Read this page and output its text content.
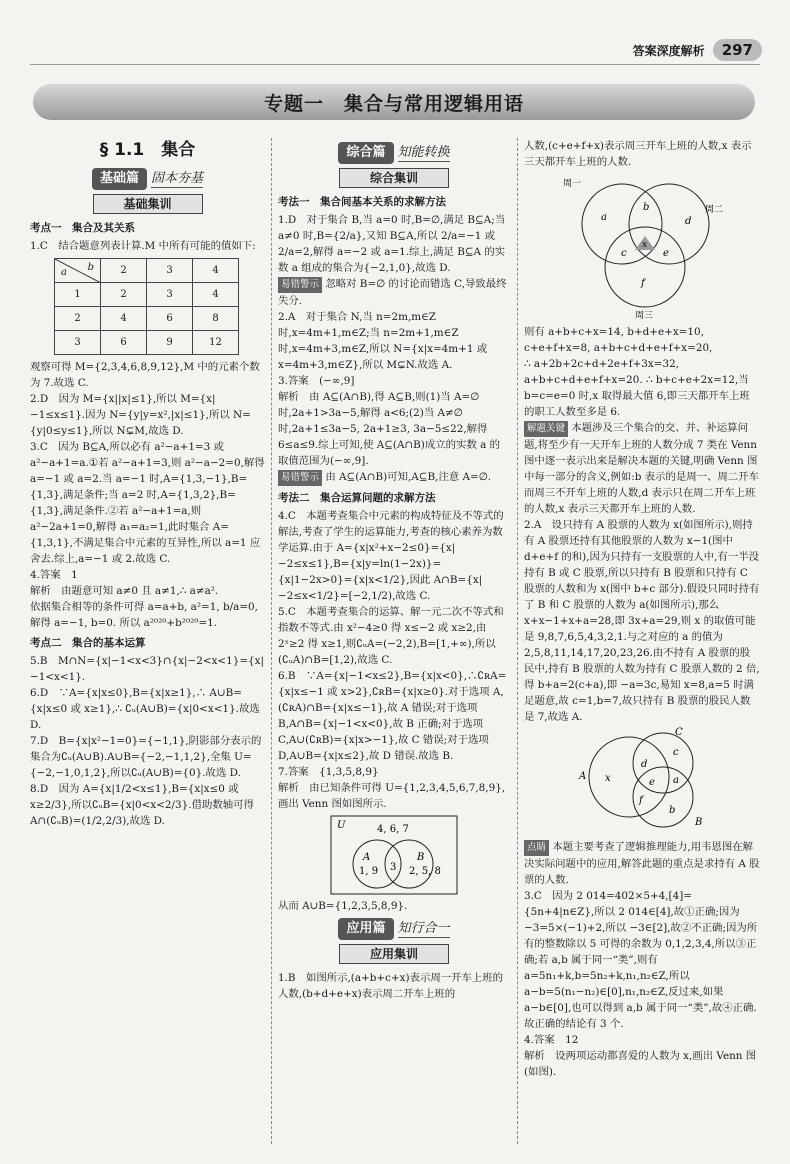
答案深度解析	297
专题一　集合与常用逻辑用语
§ 1.1　集合
基础篇 固本夯基
基础集训
考点一　集合及其关系

1.C　结合题意列表计算.M 中所有可能的值如下:

b
a	2	3	4
1	2	3	4
2	4	6	8
3	6	9	12

观察可得 M={2,3,4,6,8,9,12},M 中的元素个数为 7.故选 C.

2.D　因为 M={x||x|≤1},所以 M={x|−1≤x≤1}.因为 N={y|y=x²,|x|≤1},所以 N={y|0≤y≤1},所以 N⊊M,故选 D.

3.C　因为 B⊆A,所以必有 a²−a+1=3 或 a²−a+1=a.①若 a²−a+1=3,则 a²−a−2=0,解得 a=−1 或 a=2.当 a=−1 时,A={1,3,−1},B={1,3},满足条件;当 a=2 时,A={1,3,2},B={1,3},满足条件.②若 a²−a+1=a,则 a²−2a+1=0,解得 a₁=a₂=1,此时集合 A={1,3,1},不满足集合中元素的互异性,所以 a=1 应舍去.综上,a=−1 或 2.故选 C.

4.答案　1

解析　由题意可知 a≠0 且 a≠1,∴ a≠a².

依据集合相等的条件可得 a=a+b, a²=1, b/a=0,

解得 a=−1, b=0. 所以 a²⁰²⁰+b²⁰²⁰=1.

考点二　集合的基本运算

5.B　M∩N={x|−1<x<3}∩{x|−2<x<1}={x|−1<x<1}.

6.D　∵A={x|x≤0},B={x|x≥1},∴ A∪B={x|x≤0 或 x≥1},∴ ∁ᵤ(A∪B)={x|0<x<1}.故选 D.

7.D　B={x|x²−1=0}={−1,1},阴影部分表示的集合为∁ᵤ(A∪B).A∪B={−2,−1,1,2},全集 U={−2,−1,0,1,2},所以∁ᵤ(A∪B)={0}.故选 D.

8.D　因为 A={x|1/2<x≤1},B={x|x≤0 或 x≥2/3},所以∁ᵤB={x|0<x<2/3}.借助数轴可得 A∩(∁ᵤB)=(1/2,2/3),故选 D.

综合篇 知能转换
综合集训
考法一　集合间基本关系的求解方法

1.D　对于集合 B,当 a=0 时,B=∅,满足 B⊆A;当 a≠0 时,B={2/a},又知 B⊆A,所以 2/a=−1 或 2/a=2,解得 a=−2 或 a=1.综上,满足 B⊆A 的实数 a 组成的集合为{−2,1,0},故选 D.

易错警示 忽略对 B=∅ 的讨论而错选 C,导致最终失分.

2.A　对于集合 N,当 n=2m,m∈Z 时,x=4m+1,m∈Z;当 n=2m+1,m∈Z 时,x=4m+3,m∈Z,所以 N={x|x=4m+1 或 x=4m+3,m∈Z},所以 M⊊N.故选 A.

3.答案　(−∞,9]

解析　由 A⊆(A∩B),得 A⊆B,则(1)当 A=∅ 时,2a+1>3a−5,解得 a<6;(2)当 A≠∅ 时,2a+1≤3a−5, 2a+1≥3, 3a−5≤22,解得 6≤a≤9.综上可知,使 A⊆(A∩B)成立的实数 a 的取值范围为(−∞,9].

易错警示 由 A⊆(A∩B)可知,A⊆B,注意 A=∅.

考法二　集合运算问题的求解方法

4.C　本题考查集合中元素的构成特征及不等式的解法,考查了学生的运算能力,考查的核心素养为数学运算.由于 A={x|x²+x−2≤0}={x|−2≤x≤1},B={x|y=ln(1−2x)}={x|1−2x>0}={x|x<1/2},因此 A∩B={x|−2≤x<1/2}=[−2,1/2),故选 C.

5.C　本题考查集合的运算、解一元二次不等式和指数不等式.由 x²−4≥0 得 x≤−2 或 x≥2,由 2ˣ≥2 得 x≥1,则∁ᵤA=(−2,2),B=[1,+∞),所以(∁ᵤA)∩B=[1,2),故选 C.

6.B　∵A={x|−1<x≤2},B={x|x<0},∴∁ʀA={x|x≤−1 或 x>2},∁ʀB={x|x≥0}.对于选项 A,(∁ʀA)∩B={x|x≤−1},故 A 错误;对于选项 B,A∩B={x|−1<x<0},故 B 正确;对于选项 C,A∪(∁ʀB)={x|x>−1},故 C 错误;对于选项 D,A∪B={x|x≤2},故 D 错误.故选 B.

7.答案　{1,3,5,8,9}

解析　由已知条件可得 U={1,2,3,4,5,6,7,8,9},画出 Venn 图如图所示.

U	4, 6, 7
A	B
1, 9 3 2, 5, 8

从而 A∪B={1,2,3,5,8,9}.

应用篇 知行合一
应用集训

1.B　如图所示,(a+b+c+x)表示周一开车上班的人数,(b+d+e+x)表示周二开车上班的

人数,(c+e+f+x)表示周三开车上班的人数,x 表示三天都开车上班的人数.

周一
周二
周三
a
b
d
c
x
e
f

则有 a+b+c+x=14, b+d+e+x=10, c+e+f+x=8, a+b+c+d+e+f+x=20,

∴ a+2b+2c+d+2e+f+3x=32, a+b+c+d+e+f+x=20. ∴ b+c+e+2x=12,当 b=c=e=0 时,x 取得最大值 6,即三天都开车上班的职工人数至多是 6.

解题关键 本题涉及三个集合的交、并、补运算问题,将至少有一天开车上班的人数分成 7 类在 Venn 图中逐一表示出来是解决本题的关键,明确 Venn 图中每一部分的含义,例如:b 表示的是周一、周二开车而周三不开车上班的人数,d 表示只在周二开车上班的人数,x 表示三天都开车上班的人数.

2.A　设只持有 A 股票的人数为 x(如图所示),则持有 A 股票还持有其他股票的人数为 x−1(图中 d+e+f 的和),因为只持有一支股票的人中,有一半没持有 B 或 C 股票,所以只持有 B 股票和只持有 C 股票的人数和为 x(图中 b+c 部分).假设只同时持有了 B 和 C 股票的人数为 a(如图所示),那么 x+x−1+x+a=28,即 3x+a=29,则 x 的取值可能是 9,8,7,6,5,4,3,2,1.与之对应的 a 的值为 2,5,8,11,14,17,20,23,26.由不持有 A 股票的股民中,持有 B 股票的人数为持有 C 股票人数的 2 倍,得 b+a=2(c+a),即 −a=3c,易知 x=8,a=5 时满足题意,故 c=1,b=7,故只持有 B 股票的股民人数是 7,故选 A.

A
B
C
x
d
c
e a
f
b

点睛 本题主要考查了逻辑推理能力,用韦恩图在解决实际问题中的应用,解答此题的重点是求持有 A 股票的人数.

3.C　因为 2 014=402×5+4,[4]={5n+4|n∈Z},所以 2 014∈[4],故①正确;因为 −3=5×(−1)+2,所以 −3∈[2],故②不正确;因为所有的整数除以 5 可得的余数为 0,1,2,3,4,所以③正确;若 a,b 属于同一“类”,则有 a=5n₁+k,b=5n₂+k,n₁,n₂∈Z,所以 a−b=5(n₁−n₂)∈[0],n₁,n₂∈Z,反过来,如果 a−b∈[0],也可以得到 a,b 属于同一“类”,故④正确.故正确的结论有 3 个.

4.答案　12

解析　设两项运动都喜爱的人数为 x,画出 Venn 图(如图).
